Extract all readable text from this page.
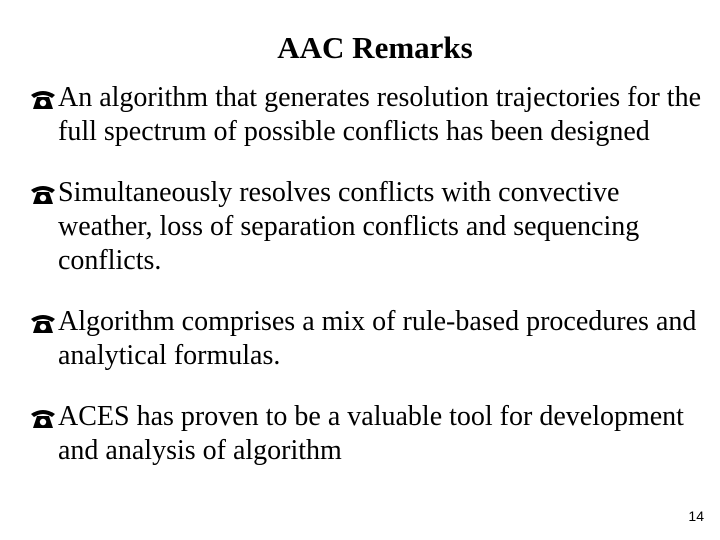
AAC Remarks
An algorithm that generates resolution trajectories for the full spectrum of possible conflicts has been designed
Simultaneously resolves conflicts with convective weather, loss of separation conflicts and sequencing conflicts.
Algorithm comprises a mix of rule-based procedures and analytical formulas.
ACES has proven to be a valuable tool for development and analysis of algorithm
14
